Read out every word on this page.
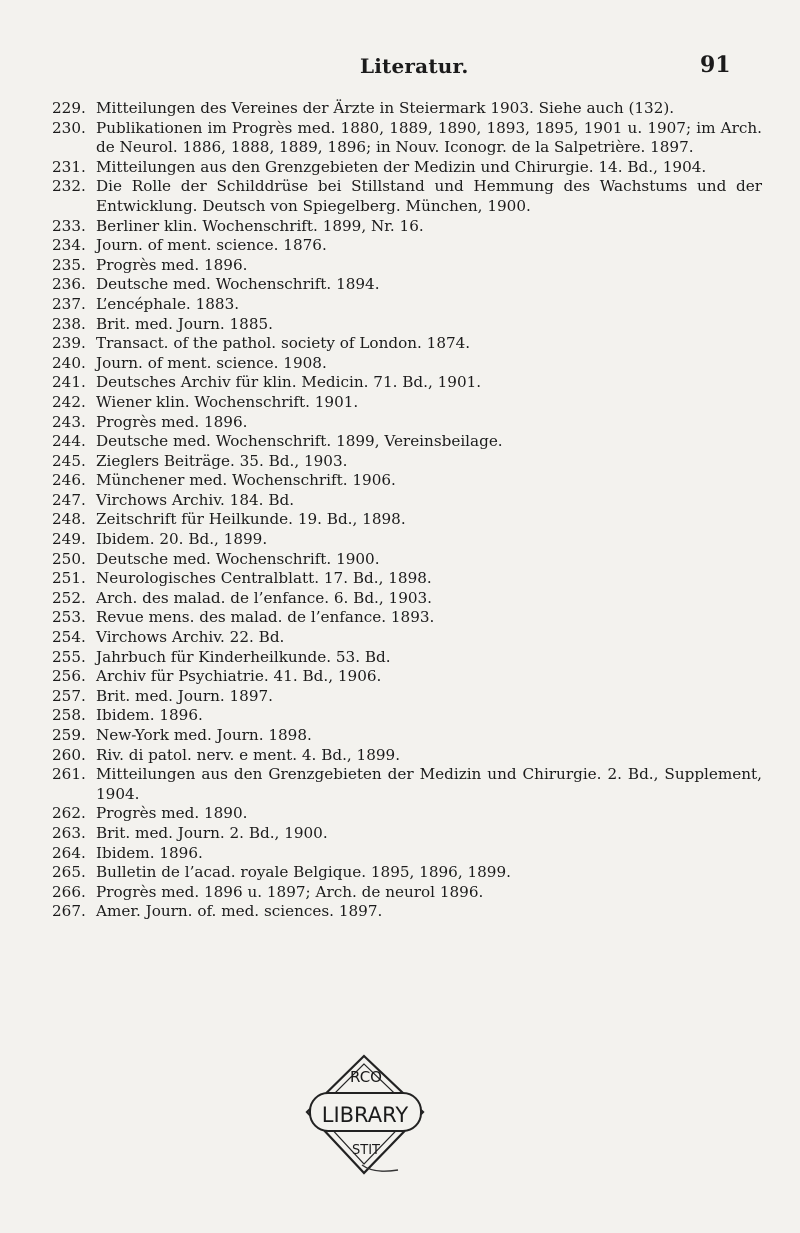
Literatur.	91
229. Mitteilungen des Vereines der Ärzte in Steiermark 1903. Siehe auch (132).
230. Publikationen im Progrès med. 1880, 1889, 1890, 1893, 1895, 1901 u. 1907; im Arch. de Neurol. 1886, 1888, 1889, 1896; in Nouv. Iconogr. de la Salpetrière. 1897.
231. Mitteilungen aus den Grenzgebieten der Medizin und Chirurgie. 14. Bd., 1904.
232. Die Rolle der Schilddrüse bei Stillstand und Hemmung des Wachstums und der Entwicklung. Deutsch von Spiegelberg. München, 1900.
233. Berliner klin. Wochenschrift. 1899, Nr. 16.
234. Journ. of ment. science. 1876.
235. Progrès med. 1896.
236. Deutsche med. Wochenschrift. 1894.
237. L’encéphale. 1883.
238. Brit. med. Journ. 1885.
239. Transact. of the pathol. society of London. 1874.
240. Journ. of ment. science. 1908.
241. Deutsches Archiv für klin. Medicin. 71. Bd., 1901.
242. Wiener klin. Wochenschrift. 1901.
243. Progrès med. 1896.
244. Deutsche med. Wochenschrift. 1899, Vereinsbeilage.
245. Zieglers Beiträge. 35. Bd., 1903.
246. Münchener med. Wochenschrift. 1906.
247. Virchows Archiv. 184. Bd.
248. Zeitschrift für Heilkunde. 19. Bd., 1898.
249. Ibidem. 20. Bd., 1899.
250. Deutsche med. Wochenschrift. 1900.
251. Neurologisches Centralblatt. 17. Bd., 1898.
252. Arch. des malad. de l’enfance. 6. Bd., 1903.
253. Revue mens. des malad. de l’enfance. 1893.
254. Virchows Archiv. 22. Bd.
255. Jahrbuch für Kinderheilkunde. 53. Bd.
256. Archiv für Psychiatrie. 41. Bd., 1906.
257. Brit. med. Journ. 1897.
258. Ibidem. 1896.
259. New-York med. Journ. 1898.
260. Riv. di patol. nerv. e ment. 4. Bd., 1899.
261. Mitteilungen aus den Grenzgebieten der Medizin und Chirurgie. 2. Bd., Supplement, 1904.
262. Progrès med. 1890.
263. Brit. med. Journ. 2. Bd., 1900.
264. Ibidem. 1896.
265. Bulletin de l’acad. royale Belgique. 1895, 1896, 1899.
266. Progrès med. 1896 u. 1897; Arch. de neurol 1896.
267. Amer. Journ. of. med. sciences. 1897.
LIBRARY
RCO
STIT
